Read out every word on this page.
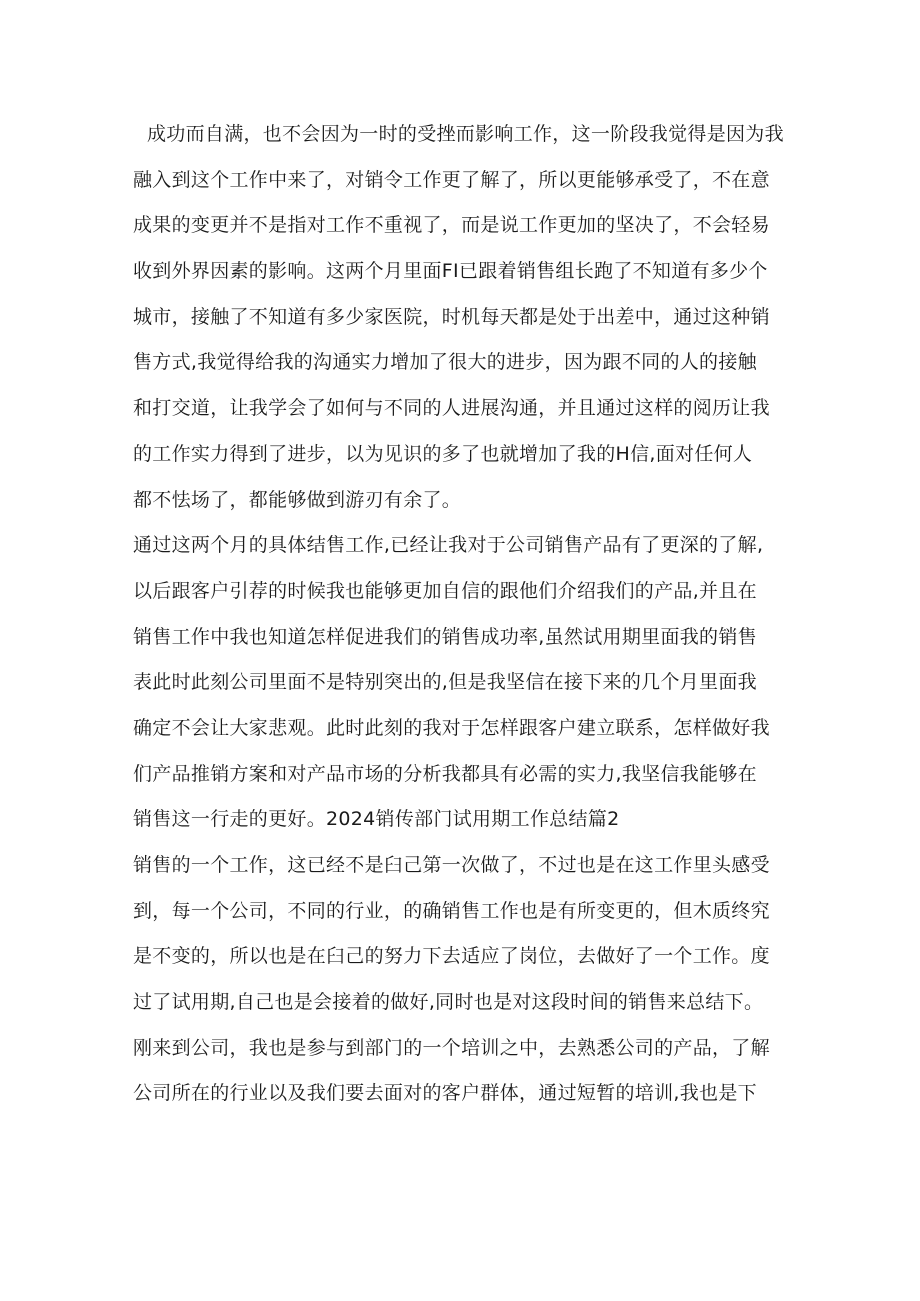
成功而自满，也不会因为一时的受挫而影响工作，这一阶段我觉得是因为我
融入到这个工作中来了，对销令工作更了解了，所以更能够承受了，不在意
成果的变更并不是指对工作不重视了，而是说工作更加的坚决了，不会轻易
收到外界因素的影响。这两个月里面FI已跟着销售组长跑了不知道有多少个
城市，接触了不知道有多少家医院，时机每天都是处于出差中，通过这种销
售方式,我觉得给我的沟通实力增加了很大的进步，因为跟不同的人的接触
和打交道，让我学会了如何与不同的人进展沟通，并且通过这样的阅历让我
的工作实力得到了进步，以为见识的多了也就增加了我的H信,面对任何人
都不怯场了，都能够做到游刃有余了。
通过这两个月的具体结售工作,已经让我对于公司销售产品有了更深的了解,
以后跟客户引荐的时候我也能够更加自信的跟他们介绍我们的产品,并且在
销售工作中我也知道怎样促进我们的销售成功率,虽然试用期里面我的销售
表此时此刻公司里面不是特别突出的,但是我坚信在接下来的几个月里面我
确定不会让大家悲观。此时此刻的我对于怎样跟客户建立联系，怎样做好我
们产品推销方案和对产品市场的分析我都具有必需的实力,我坚信我能够在
销售这一行走的更好。2024销传部门试用期工作总结篇2
销售的一个工作，这已经不是臼己第一次做了，不过也是在这工作里头感受
到，每一个公司，不同的行业，的确销售工作也是有所变更的，但木质终究
是不变的，所以也是在臼己的努力下去适应了岗位，去做好了一个工作。度
过了试用期,自己也是会接着的做好,同时也是对这段时间的销售来总结下。
刚来到公司，我也是参与到部门的一个培训之中，去熟悉公司的产品，了解
公司所在的行业以及我们要去面对的客户群体，通过短暂的培训,我也是下
